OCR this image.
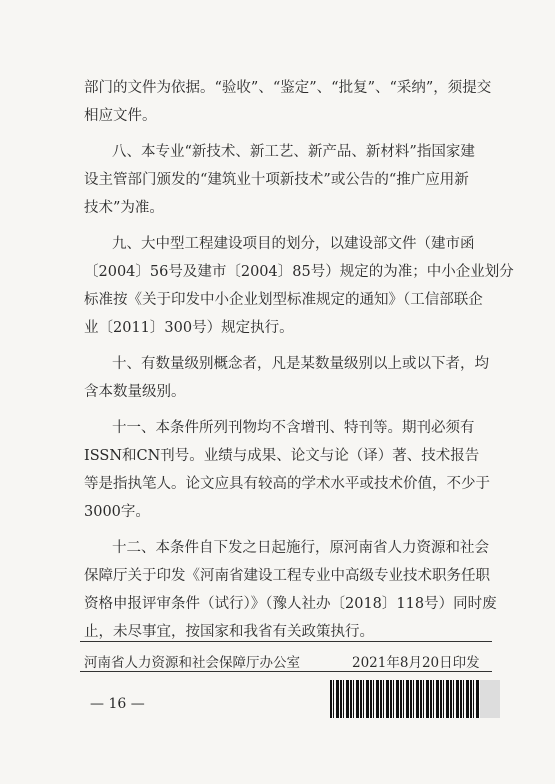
部门的文件为依据。“验收”、“鉴定”、“批复”、“采纳”，须提交
相应文件。
八、本专业“新技术、新工艺、新产品、新材料”指国家建
设主管部门颁发的“建筑业十项新技术”或公告的“推广应用新
技术”为准。
九、大中型工程建设项目的划分，以建设部文件（建市函
〔2004〕56号及建市〔2004〕85号）规定的为准；中小企业划分
标准按《关于印发中小企业划型标准规定的通知》（工信部联企
业〔2011〕300号）规定执行。
十、有数量级别概念者，凡是某数量级别以上或以下者，均
含本数量级别。
十一、本条件所列刊物均不含增刊、特刊等。期刊必须有
ISSN和CN刊号。业绩与成果、论文与论（译）著、技术报告
等是指执笔人。论文应具有较高的学术水平或技术价值，不少于
3000字。
十二、本条件自下发之日起施行，原河南省人力资源和社会
保障厅关于印发《河南省建设工程专业中高级专业技术职务任职
资格申报评审条件（试行）》（豫人社办〔2018〕118号）同时废
止，未尽事宜，按国家和我省有关政策执行。
河南省人力资源和社会保障厅办公室	2021年8月20日印发
— 16 —
